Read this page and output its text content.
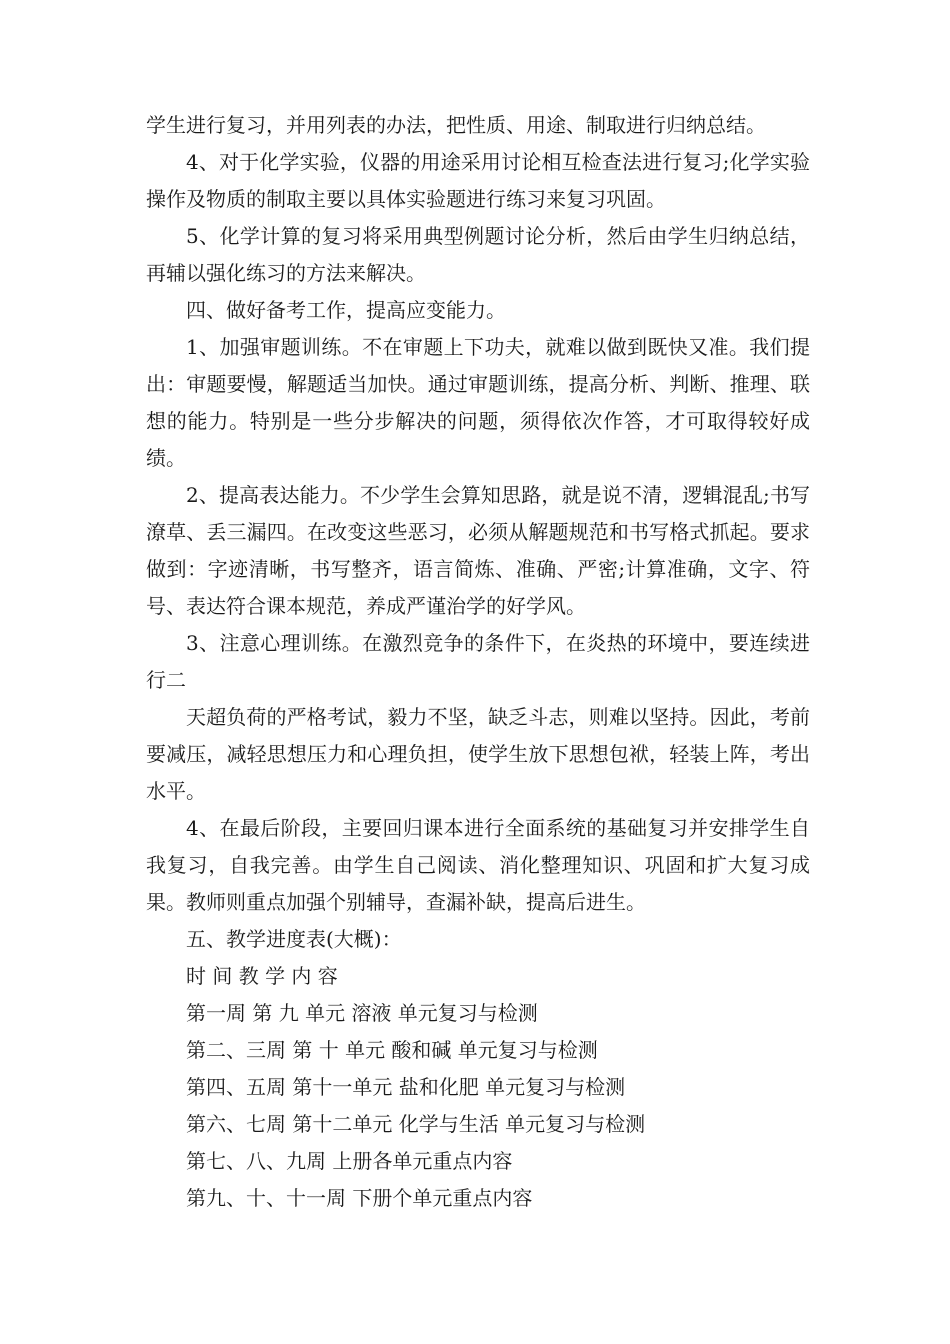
学生进行复习，并用列表的办法，把性质、用途、制取进行归纳总结。

4、对于化学实验，仪器的用途采用讨论相互检查法进行复习;化学实验操作及物质的制取主要以具体实验题进行练习来复习巩固。

5、化学计算的复习将采用典型例题讨论分析，然后由学生归纳总结，再辅以强化练习的方法来解决。

四、做好备考工作，提高应变能力。

1、加强审题训练。不在审题上下功夫，就难以做到既快又准。我们提出：审题要慢，解题适当加快。通过审题训练，提高分析、判断、推理、联想的能力。特别是一些分步解决的问题，须得依次作答，才可取得较好成绩。

2、提高表达能力。不少学生会算知思路，就是说不清，逻辑混乱;书写潦草、丢三漏四。在改变这些恶习，必须从解题规范和书写格式抓起。要求做到：字迹清晰，书写整齐，语言简炼、准确、严密;计算准确，文字、符号、表达符合课本规范，养成严谨治学的好学风。

3、注意心理训练。在激烈竞争的条件下，在炎热的环境中，要连续进行二

天超负荷的严格考试，毅力不坚，缺乏斗志，则难以坚持。因此，考前要减压，减轻思想压力和心理负担，使学生放下思想包袱，轻装上阵，考出水平。

4、在最后阶段，主要回归课本进行全面系统的基础复习并安排学生自我复习，自我完善。由学生自己阅读、消化整理知识、巩固和扩大复习成果。教师则重点加强个别辅导，查漏补缺，提高后进生。

五、教学进度表(大概)：

时 间 教 学 内 容
第一周 第 九 单元 溶液 单元复习与检测
第二、三周 第 十 单元 酸和碱 单元复习与检测
第四、五周 第十一单元 盐和化肥 单元复习与检测
第六、七周 第十二单元 化学与生活 单元复习与检测
第七、八、九周 上册各单元重点内容
第九、十、十一周 下册个单元重点内容
